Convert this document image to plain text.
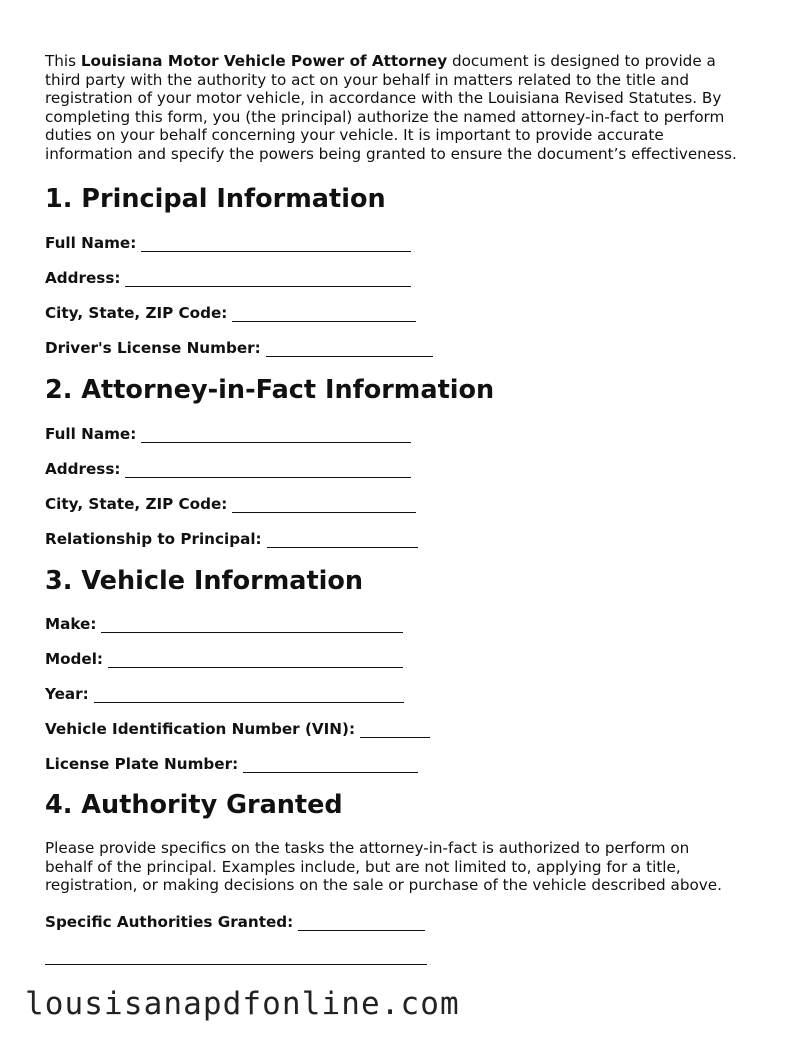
This Louisiana Motor Vehicle Power of Attorney document is designed to provide a
third party with the authority to act on your behalf in matters related to the title and
registration of your motor vehicle, in accordance with the Louisiana Revised Statutes. By
completing this form, you (the principal) authorize the named attorney-in-fact to perform
duties on your behalf concerning your vehicle. It is important to provide accurate
information and specify the powers being granted to ensure the document’s effectiveness.

1. Principal Information
Full Name:
Address:
City, State, ZIP Code:
Driver's License Number:
2. Attorney-in-Fact Information
Full Name:
Address:
City, State, ZIP Code:
Relationship to Principal:
3. Vehicle Information
Make:
Model:
Year:
Vehicle Identification Number (VIN):
License Plate Number:
4. Authority Granted

Please provide specifics on the tasks the attorney-in-fact is authorized to perform on
behalf of the principal. Examples include, but are not limited to, applying for a title,
registration, or making decisions on the sale or purchase of the vehicle described above.

Specific Authorities Granted:
lousisanapdfonline.com
